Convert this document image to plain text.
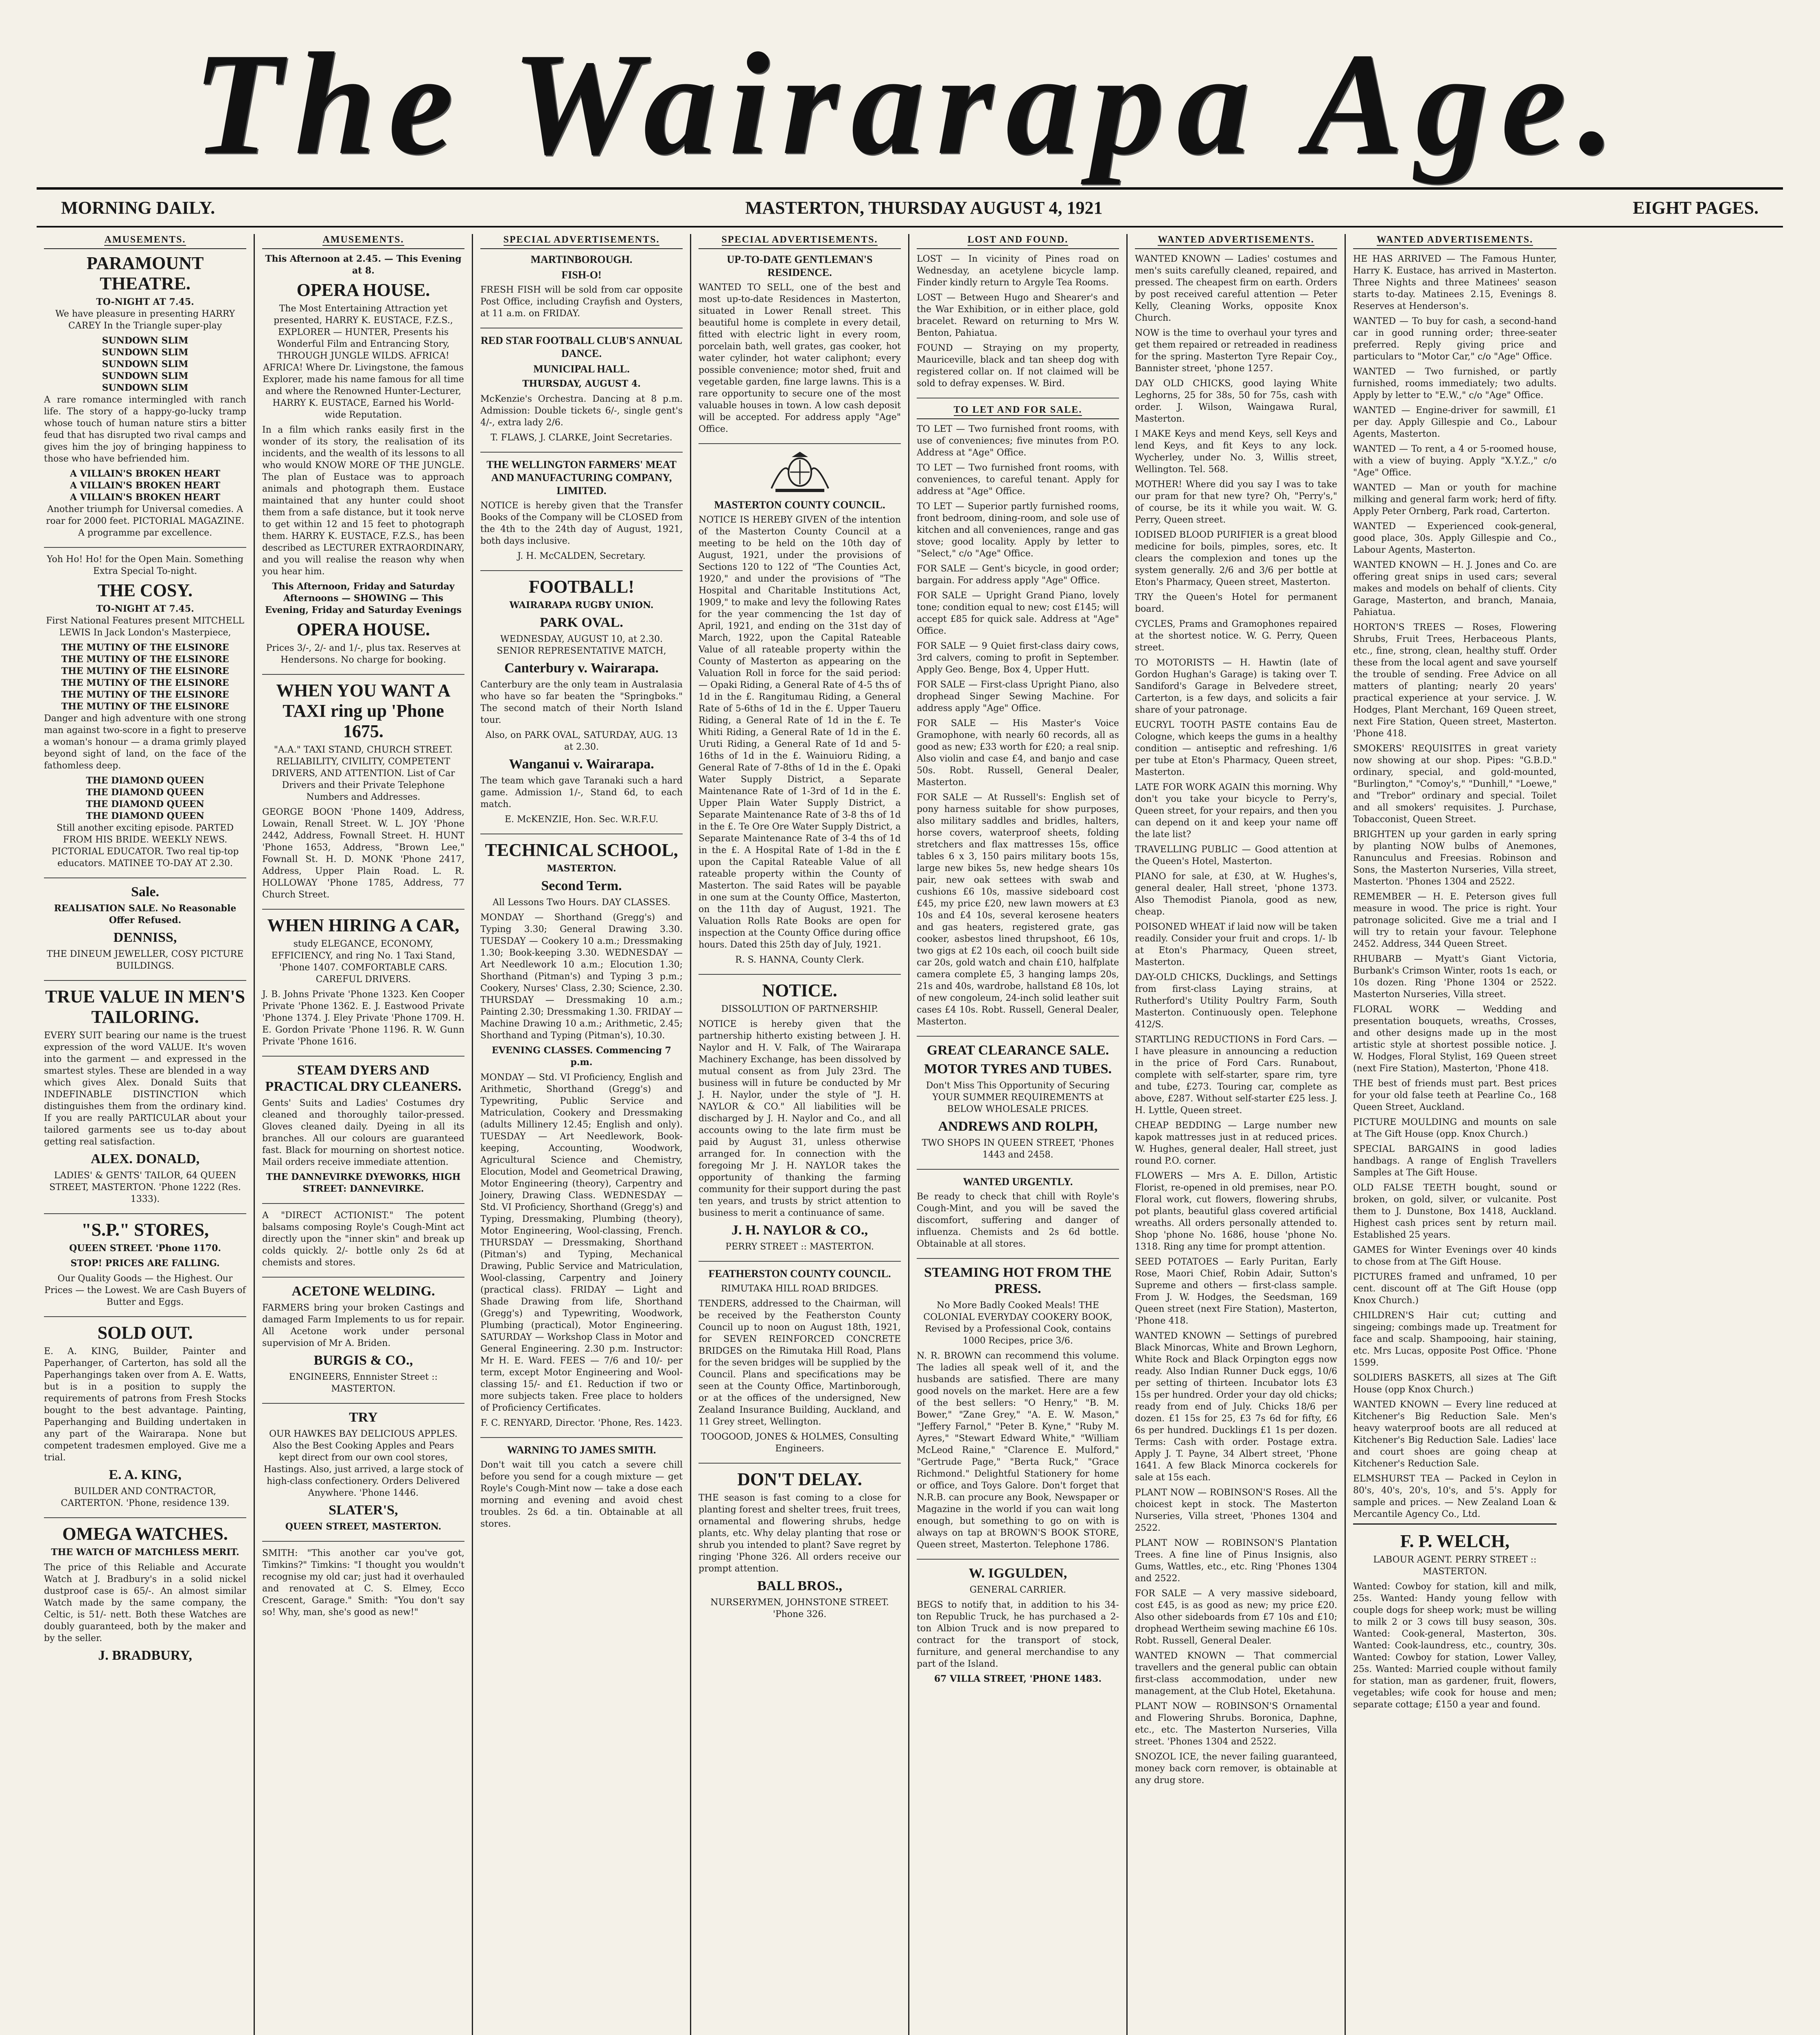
The Wairarapa Age.
MORNING DAILY.	MASTERTON, THURSDAY AUGUST 4, 1921	EIGHT PAGES.
AMUSEMENTS.
PARAMOUNT THEATRE.
TO-NIGHT AT 7.45.

We have pleasure in presenting HARRY CAREY In the Triangle super-play

SUNDOWN SLIM
SUNDOWN SLIM
SUNDOWN SLIM
SUNDOWN SLIM
SUNDOWN SLIM

A rare romance intermingled with ranch life. The story of a happy-go-lucky tramp whose touch of human nature stirs a bitter feud that has disrupted two rival camps and gives him the joy of bringing happiness to those who have befriended him.

A VILLAIN'S BROKEN HEART
A VILLAIN'S BROKEN HEART
A VILLAIN'S BROKEN HEART

Another triumph for Universal comedies. A roar for 2000 feet. PICTORIAL MAGAZINE. A programme par excellence.

Yoh Ho! Ho! for the Open Main. Something Extra Special To-night.

THE COSY.
TO-NIGHT AT 7.45.

First National Features present MITCHELL LEWIS In Jack London's Masterpiece,

THE MUTINY OF THE ELSINORE
THE MUTINY OF THE ELSINORE
THE MUTINY OF THE ELSINORE
THE MUTINY OF THE ELSINORE
THE MUTINY OF THE ELSINORE
THE MUTINY OF THE ELSINORE

Danger and high adventure with one strong man against two-score in a fight to preserve a woman's honour — a drama grimly played beyond sight of land, on the face of the fathomless deep.

THE DIAMOND QUEEN
THE DIAMOND QUEEN
THE DIAMOND QUEEN
THE DIAMOND QUEEN

Still another exciting episode. PARTED FROM HIS BRIDE. WEEKLY NEWS. PICTORIAL EDUCATOR. Two real tip-top educators. MATINEE TO-DAY AT 2.30.

Sale.

REALISATION SALE. No Reasonable Offer Refused.

DENNISS,

THE DINEUM JEWELLER, COSY PICTURE BUILDINGS.

TRUE VALUE IN MEN'S TAILORING.

EVERY SUIT bearing our name is the truest expression of the word VALUE. It's woven into the garment — and expressed in the smartest styles. These are blended in a way which gives Alex. Donald Suits that INDEFINABLE DISTINCTION which distinguishes them from the ordinary kind. If you are really PARTICULAR about your tailored garments see us to-day about getting real satisfaction.

ALEX. DONALD,

LADIES' & GENTS' TAILOR, 64 QUEEN STREET, MASTERTON. 'Phone 1222 (Res. 1333).

"S.P." STORES,

QUEEN STREET. 'Phone 1170.

STOP! PRICES ARE FALLING.

Our Quality Goods — the Highest. Our Prices — the Lowest. We are Cash Buyers of Butter and Eggs.

SOLD OUT.

E. A. KING, Builder, Painter and Paperhanger, of Carterton, has sold all the Paperhangings taken over from A. E. Watts, but is in a position to supply the requirements of patrons from Fresh Stocks bought to the best advantage. Painting, Paperhanging and Building undertaken in any part of the Wairarapa. None but competent tradesmen employed. Give me a trial.

E. A. KING,

BUILDER AND CONTRACTOR, CARTERTON. 'Phone, residence 139.

OMEGA WATCHES.

THE WATCH OF MATCHLESS MERIT.

The price of this Reliable and Accurate Watch at J. Bradbury's in a solid nickel dustproof case is 65/-. An almost similar Watch made by the same company, the Celtic, is 51/- nett. Both these Watches are doubly guaranteed, both by the maker and by the seller.

J. BRADBURY,
AMUSEMENTS.

This Afternoon at 2.45. — This Evening at 8.

OPERA HOUSE.

The Most Entertaining Attraction yet presented, HARRY K. EUSTACE, F.Z.S., EXPLORER — HUNTER, Presents his Wonderful Film and Entrancing Story, THROUGH JUNGLE WILDS. AFRICA! AFRICA! Where Dr. Livingstone, the famous Explorer, made his name famous for all time and where the Renowned Hunter-Lecturer, HARRY K. EUSTACE, Earned his World-wide Reputation.

In a film which ranks easily first in the wonder of its story, the realisation of its incidents, and the wealth of its lessons to all who would KNOW MORE OF THE JUNGLE. The plan of Eustace was to approach animals and photograph them. Eustace maintained that any hunter could shoot them from a safe distance, but it took nerve to get within 12 and 15 feet to photograph them. HARRY K. EUSTACE, F.Z.S., has been described as LECTURER EXTRAORDINARY, and you will realise the reason why when you hear him.

This Afternoon, Friday and Saturday Afternoons — SHOWING — This Evening, Friday and Saturday Evenings

OPERA HOUSE.

Prices 3/-, 2/- and 1/-, plus tax. Reserves at Hendersons. No charge for booking.

WHEN YOU WANT A TAXI ring up 'Phone 1675.

"A.A." TAXI STAND, CHURCH STREET. RELIABILITY, CIVILITY, COMPETENT DRIVERS, AND ATTENTION. List of Car Drivers and their Private Telephone Numbers and Addresses.

GEORGE BOON 'Phone 1409, Address, Lowain, Renall Street. W. L. JOY 'Phone 2442, Address, Fownall Street. H. HUNT 'Phone 1653, Address, "Brown Lee," Fownall St. H. D. MONK 'Phone 2417, Address, Upper Plain Road. L. R. HOLLOWAY 'Phone 1785, Address, 77 Church Street.

WHEN HIRING A CAR,

study ELEGANCE, ECONOMY, EFFICIENCY, and ring No. 1 Taxi Stand, 'Phone 1407. COMFORTABLE CARS. CAREFUL DRIVERS.

J. B. Johns Private 'Phone 1323. Ken Cooper Private 'Phone 1362. E. J. Eastwood Private 'Phone 1374. J. Eley Private 'Phone 1709. H. E. Gordon Private 'Phone 1196. R. W. Gunn Private 'Phone 1616.

STEAM DYERS AND PRACTICAL DRY CLEANERS.

Gents' Suits and Ladies' Costumes dry cleaned and thoroughly tailor-pressed. Gloves cleaned daily. Dyeing in all its branches. All our colours are guaranteed fast. Black for mourning on shortest notice. Mail orders receive immediate attention.

THE DANNEVIRKE DYEWORKS, HIGH STREET: DANNEVIRKE.

A "DIRECT ACTIONIST." The potent balsams composing Royle's Cough-Mint act directly upon the "inner skin" and break up colds quickly. 2/- bottle only 2s 6d at chemists and stores.

ACETONE WELDING.

FARMERS bring your broken Castings and damaged Farm Implements to us for repair. All Acetone work under personal supervision of Mr A. Briden.

BURGIS & CO.,

ENGINEERS, Ennnister Street :: MASTERTON.

TRY

OUR HAWKES BAY DELICIOUS APPLES. Also the Best Cooking Apples and Pears kept direct from our own cool stores, Hastings. Also, just arrived, a large stock of high-class confectionery. Orders Delivered Anywhere. 'Phone 1446.

SLATER'S,

QUEEN STREET, MASTERTON.

SMITH: "This another car you've got, Timkins?" Timkins: "I thought you wouldn't recognise my old car; just had it overhauled and renovated at C. S. Elmey, Ecco Crescent, Garage." Smith: "You don't say so! Why, man, she's good as new!"

SPECIAL ADVERTISEMENTS.
MARTINBOROUGH.
FISH-O!

FRESH FISH will be sold from car opposite Post Office, including Crayfish and Oysters, at 11 a.m. on FRIDAY.

RED STAR FOOTBALL CLUB'S ANNUAL DANCE.
MUNICIPAL HALL.

THURSDAY, AUGUST 4.

McKenzie's Orchestra. Dancing at 8 p.m. Admission: Double tickets 6/-, single gent's 4/-, extra lady 2/6.

T. FLAWS, J. CLARKE, Joint Secretaries.

THE WELLINGTON FARMERS' MEAT AND MANUFACTURING COMPANY, LIMITED.

NOTICE is hereby given that the Transfer Books of the Company will be CLOSED from the 4th to the 24th day of August, 1921, both days inclusive.

J. H. McCALDEN, Secretary.

FOOTBALL!

WAIRARAPA RUGBY UNION.

PARK OVAL.

WEDNESDAY, AUGUST 10, at 2.30. SENIOR REPRESENTATIVE MATCH,

Canterbury v. Wairarapa.

Canterbury are the only team in Australasia who have so far beaten the "Springboks." The second match of their North Island tour.

Also, on PARK OVAL, SATURDAY, AUG. 13 at 2.30.

Wanganui v. Wairarapa.

The team which gave Taranaki such a hard game. Admission 1/-, Stand 6d, to each match.

E. McKENZIE, Hon. Sec. W.R.F.U.

TECHNICAL SCHOOL,

MASTERTON.

Second Term.

All Lessons Two Hours. DAY CLASSES.

MONDAY — Shorthand (Gregg's) and Typing 3.30; General Drawing 3.30. TUESDAY — Cookery 10 a.m.; Dressmaking 1.30; Book-keeping 3.30. WEDNESDAY — Art Needlework 10 a.m.; Elocution 1.30; Shorthand (Pitman's) and Typing 3 p.m.; Cookery, Nurses' Class, 2.30; Science, 2.30. THURSDAY — Dressmaking 10 a.m.; Painting 2.30; Dressmaking 1.30. FRIDAY — Machine Drawing 10 a.m.; Arithmetic, 2.45; Shorthand and Typing (Pitman's), 10.30.

EVENING CLASSES. Commencing 7 p.m.

MONDAY — Std. VI Proficiency, English and Arithmetic, Shorthand (Gregg's) and Typewriting, Public Service and Matriculation, Cookery and Dressmaking (adults Millinery 12.45; English and only). TUESDAY — Art Needlework, Book-keeping, Accounting, Woodwork, Agricultural Science and Chemistry, Elocution, Model and Geometrical Drawing, Motor Engineering (theory), Carpentry and Joinery, Drawing Class. WEDNESDAY — Std. VI Proficiency, Shorthand (Gregg's) and Typing, Dressmaking, Plumbing (theory), Motor Engineering, Wool-classing, French. THURSDAY — Dressmaking, Shorthand (Pitman's) and Typing, Mechanical Drawing, Public Service and Matriculation, Wool-classing, Carpentry and Joinery (practical class). FRIDAY — Light and Shade Drawing from life, Shorthand (Gregg's) and Typewriting, Woodwork, Plumbing (practical), Motor Engineering. SATURDAY — Workshop Class in Motor and General Engineering. 2.30 p.m. Instructor: Mr H. E. Ward. FEES — 7/6 and 10/- per term, except Motor Engineering and Wool-classing 15/- and £1. Reduction if two or more subjects taken. Free place to holders of Proficiency Certificates.

F. C. RENYARD, Director. 'Phone, Res. 1423.

WARNING TO JAMES SMITH.

Don't wait till you catch a severe chill before you send for a cough mixture — get Royle's Cough-Mint now — take a dose each morning and evening and avoid chest troubles. 2s 6d. a tin. Obtainable at all stores.

SPECIAL ADVERTISEMENTS.
UP-TO-DATE GENTLEMAN'S RESIDENCE.

WANTED TO SELL, one of the best and most up-to-date Residences in Masterton, situated in Lower Renall street. This beautiful home is complete in every detail, fitted with electric light in every room, porcelain bath, well grates, gas cooker, hot water cylinder, hot water caliphont; every possible convenience; motor shed, fruit and vegetable garden, fine large lawns. This is a rare opportunity to secure one of the most valuable houses in town. A low cash deposit will be accepted. For address apply "Age" Office.

MASTERTON COUNTY COUNCIL.

NOTICE IS HEREBY GIVEN of the intention of the Masterton County Council at a meeting to be held on the 10th day of August, 1921, under the provisions of Sections 120 to 122 of "The Counties Act, 1920," and under the provisions of "The Hospital and Charitable Institutions Act, 1909," to make and levy the following Rates for the year commencing the 1st day of April, 1921, and ending on the 31st day of March, 1922, upon the Capital Rateable Value of all rateable property within the County of Masterton as appearing on the Valuation Roll in force for the said period: — Opaki Riding, a General Rate of 4-5 ths of 1d in the £. Rangitumau Riding, a General Rate of 5-6ths of 1d in the £. Upper Taueru Riding, a General Rate of 1d in the £. Te Whiti Riding, a General Rate of 1d in the £. Uruti Riding, a General Rate of 1d and 5-16ths of 1d in the £. Wainuioru Riding, a General Rate of 7-8ths of 1d in the £. Opaki Water Supply District, a Separate Maintenance Rate of 1-3rd of 1d in the £. Upper Plain Water Supply District, a Separate Maintenance Rate of 3-8 ths of 1d in the £. Te Ore Ore Water Supply District, a Separate Maintenance Rate of 3-4 ths of 1d in the £. A Hospital Rate of 1-8d in the £ upon the Capital Rateable Value of all rateable property within the County of Masterton. The said Rates will be payable in one sum at the County Office, Masterton, on the 11th day of August, 1921. The Valuation Rolls Rate Books are open for inspection at the County Office during office hours. Dated this 25th day of July, 1921.

R. S. HANNA, County Clerk.

NOTICE.

DISSOLUTION OF PARTNERSHIP.

NOTICE is hereby given that the partnership hitherto existing between J. H. Naylor and H. V. Falk, of The Wairarapa Machinery Exchange, has been dissolved by mutual consent as from July 23rd. The business will in future be conducted by Mr J. H. Naylor, under the style of "J. H. NAYLOR & CO." All liabilities will be discharged by J. H. Naylor and Co., and all accounts owing to the late firm must be paid by August 31, unless otherwise arranged for. In connection with the foregoing Mr J. H. NAYLOR takes the opportunity of thanking the farming community for their support during the past ten years, and trusts by strict attention to business to merit a continuance of same.

J. H. NAYLOR & CO.,

PERRY STREET :: MASTERTON.

FEATHERSTON COUNTY COUNCIL.

RIMUTAKA HILL ROAD BRIDGES.

TENDERS, addressed to the Chairman, will be received by the Featherston County Council up to noon on August 18th, 1921, for SEVEN REINFORCED CONCRETE BRIDGES on the Rimutaka Hill Road, Plans for the seven bridges will be supplied by the Council. Plans and specifications may be seen at the County Office, Martinborough, or at the offices of the undersigned, New Zealand Insurance Building, Auckland, and 11 Grey street, Wellington.

TOOGOOD, JONES & HOLMES, Consulting Engineers.

DON'T DELAY.

THE season is fast coming to a close for planting forest and shelter trees, fruit trees, ornamental and flowering shrubs, hedge plants, etc. Why delay planting that rose or shrub you intended to plant? Save regret by ringing 'Phone 326. All orders receive our prompt attention.

BALL BROS.,

NURSERYMEN, JOHNSTONE STREET. 'Phone 326.

LOST AND FOUND.

LOST — In vicinity of Pines road on Wednesday, an acetylene bicycle lamp. Finder kindly return to Argyle Tea Rooms.

LOST — Between Hugo and Shearer's and the War Exhibition, or in either place, gold bracelet. Reward on returning to Mrs W. Benton, Pahiatua.

FOUND — Straying on my property, Mauriceville, black and tan sheep dog with registered collar on. If not claimed will be sold to defray expenses. W. Bird.

TO LET AND FOR SALE.

TO LET — Two furnished front rooms, with use of conveniences; five minutes from P.O. Address at "Age" Office.

TO LET — Two furnished front rooms, with conveniences, to careful tenant. Apply for address at "Age" Office.

TO LET — Superior partly furnished rooms, front bedroom, dining-room, and sole use of kitchen and all conveniences, range and gas stove; good locality. Apply by letter to "Select," c/o "Age" Office.

FOR SALE — Gent's bicycle, in good order; bargain. For address apply "Age" Office.

FOR SALE — Upright Grand Piano, lovely tone; condition equal to new; cost £145; will accept £85 for quick sale. Address at "Age" Office.

FOR SALE — 9 Quiet first-class dairy cows, 3rd calvers, coming to profit in September. Apply Geo. Benge, Box 4, Upper Hutt.

FOR SALE — First-class Upright Piano, also drophead Singer Sewing Machine. For address apply "Age" Office.

FOR SALE — His Master's Voice Gramophone, with nearly 60 records, all as good as new; £33 worth for £20; a real snip. Also violin and case £4, and banjo and case 50s. Robt. Russell, General Dealer, Masterton.

FOR SALE — At Russell's: English set of pony harness suitable for show purposes, also military saddles and bridles, halters, horse covers, waterproof sheets, folding stretchers and flax mattresses 15s, office tables 6 x 3, 150 pairs military boots 15s, large new bikes 5s, new hedge shears 10s pair, new oak settees with swab and cushions £6 10s, massive sideboard cost £45, my price £20, new lawn mowers at £3 10s and £4 10s, several kerosene heaters and gas heaters, registered grate, gas cooker, asbestos lined thrupshoot, £6 10s, two gigs at £2 10s each, oil cooch built side car 20s, gold watch and chain £10, halfplate camera complete £5, 3 hanging lamps 20s, 21s and 40s, wardrobe, hallstand £8 10s, lot of new congoleum, 24-inch solid leather suit cases £4 10s. Robt. Russell, General Dealer, Masterton.

GREAT CLEARANCE SALE.
MOTOR TYRES AND TUBES.

Don't Miss This Opportunity of Securing YOUR SUMMER REQUIREMENTS at BELOW WHOLESALE PRICES.

ANDREWS AND ROLPH,

TWO SHOPS IN QUEEN STREET, 'Phones 1443 and 2458.

WANTED URGENTLY.

Be ready to check that chill with Royle's Cough-Mint, and you will be saved the discomfort, suffering and danger of influenza. Chemists and 2s 6d bottle. Obtainable at all stores.

STEAMING HOT FROM THE PRESS.

No More Badly Cooked Meals! THE COLONIAL EVERYDAY COOKERY BOOK, Revised by a Professional Cook, contains 1000 Recipes, price 3/6.

N. R. BROWN can recommend this volume. The ladies all speak well of it, and the husbands are satisfied. There are many good novels on the market. Here are a few of the best sellers: "O Henry," "B. M. Bower," "Zane Grey," "A. E. W. Mason," "Jeffery Farnol," "Peter B. Kyne," "Ruby M. Ayres," "Stewart Edward White," "William McLeod Raine," "Clarence E. Mulford," "Gertrude Page," "Berta Ruck," "Grace Richmond." Delightful Stationery for home or office, and Toys Galore. Don't forget that N.R.B. can procure any Book, Newspaper or Magazine in the world if you can wait long enough, but something to go on with is always on tap at BROWN'S BOOK STORE, Queen street, Masterton. Telephone 1786.

W. IGGULDEN,

GENERAL CARRIER.

BEGS to notify that, in addition to his 34-ton Republic Truck, he has purchased a 2-ton Albion Truck and is now prepared to contract for the transport of stock, furniture, and general merchandise to any part of the Island.

67 VILLA STREET, 'PHONE 1483.

WANTED ADVERTISEMENTS.

WANTED KNOWN — Ladies' costumes and men's suits carefully cleaned, repaired, and pressed. The cheapest firm on earth. Orders by post received careful attention — Peter Kelly, Cleaning Works, opposite Knox Church.

NOW is the time to overhaul your tyres and get them repaired or retreaded in readiness for the spring. Masterton Tyre Repair Coy., Bannister street, 'phone 1257.

DAY OLD CHICKS, good laying White Leghorns, 25 for 38s, 50 for 75s, cash with order. J. Wilson, Waingawa Rural, Masterton.

I MAKE Keys and mend Keys, sell Keys and lend Keys, and fit Keys to any lock. Wycherley, under No. 3, Willis street, Wellington. Tel. 568.

MOTHER! Where did you say I was to take our pram for that new tyre? Oh, "Perry's," of course, be its it while you wait. W. G. Perry, Queen street.

IODISED BLOOD PURIFIER is a great blood medicine for boils, pimples, sores, etc. It clears the complexion and tones up the system generally. 2/6 and 3/6 per bottle at Eton's Pharmacy, Queen street, Masterton.

TRY the Queen's Hotel for permanent board.

CYCLES, Prams and Gramophones repaired at the shortest notice. W. G. Perry, Queen street.

TO MOTORISTS — H. Hawtin (late of Gordon Hughan's Garage) is taking over T. Sandiford's Garage in Belvedere street, Carterton, is a few days, and solicits a fair share of your patronage.

EUCRYL TOOTH PASTE contains Eau de Cologne, which keeps the gums in a healthy condition — antiseptic and refreshing. 1/6 per tube at Eton's Pharmacy, Queen street, Masterton.

LATE FOR WORK AGAIN this morning. Why don't you take your bicycle to Perry's, Queen street, for your repairs, and then you can depend on it and keep your name off the late list?

TRAVELLING PUBLIC — Good attention at the Queen's Hotel, Masterton.

PIANO for sale, at £30, at W. Hughes's, general dealer, Hall street, 'phone 1373. Also Themodist Pianola, good as new, cheap.

POISONED WHEAT if laid now will be taken readily. Consider your fruit and crops. 1/- lb at Eton's Pharmacy, Queen street, Masterton.

DAY-OLD CHICKS, Ducklings, and Settings from first-class Laying strains, at Rutherford's Utility Poultry Farm, South Masterton. Continuously open. Telephone 412/S.

STARTLING REDUCTIONS in Ford Cars. — I have pleasure in announcing a reduction in the price of Ford Cars. Runabout, complete with self-starter, spare rim, tyre and tube, £273. Touring car, complete as above, £287. Without self-starter £25 less. J. H. Lyttle, Queen street.

CHEAP BEDDING — Large number new kapok mattresses just in at reduced prices. W. Hughes, general dealer, Hall street, just round P.O. corner.

FLOWERS — Mrs A. E. Dillon, Artistic Florist, re-opened in old premises, near P.O. Floral work, cut flowers, flowering shrubs, pot plants, beautiful glass covered artificial wreaths. All orders personally attended to. Shop 'phone No. 1686, house 'phone No. 1318. Ring any time for prompt attention.

SEED POTATOES — Early Puritan, Early Rose, Maori Chief, Robin Adair, Sutton's Supreme and others — first-class sample. From J. W. Hodges, the Seedsman, 169 Queen street (next Fire Station), Masterton, 'Phone 418.

WANTED KNOWN — Settings of purebred Black Minorcas, White and Brown Leghorn, White Rock and Black Orpington eggs now ready. Also Indian Runner Duck eggs, 10/6 per setting of thirteen. Incubator lots £3 15s per hundred. Order your day old chicks; ready from end of July. Chicks 18/6 per dozen. £1 15s for 25, £3 7s 6d for fifty, £6 6s per hundred. Ducklings £1 1s per dozen. Terms: Cash with order. Postage extra. Apply J. T. Payne, 34 Albert street, 'Phone 1641. A few Black Minorca cockerels for sale at 15s each.

PLANT NOW — ROBINSON'S Roses. All the choicest kept in stock. The Masterton Nurseries, Villa street, 'Phones 1304 and 2522.

PLANT NOW — ROBINSON'S Plantation Trees. A fine line of Pinus Insignis, also Gums, Wattles, etc., etc. Ring 'Phones 1304 and 2522.

FOR SALE — A very massive sideboard, cost £45, is as good as new; my price £20. Also other sideboards from £7 10s and £10; drophead Wertheim sewing machine £6 10s. Robt. Russell, General Dealer.

WANTED KNOWN — That commercial travellers and the general public can obtain first-class accommodation, under new management, at the Club Hotel, Eketahuna.

PLANT NOW — ROBINSON'S Ornamental and Flowering Shrubs. Boronica, Daphne, etc., etc. The Masterton Nurseries, Villa street. 'Phones 1304 and 2522.

SNOZOL ICE, the never failing guaranteed, money back corn remover, is obtainable at any drug store.

WANTED ADVERTISEMENTS.

HE HAS ARRIVED — The Famous Hunter, Harry K. Eustace, has arrived in Masterton. Three Nights and three Matinees' season starts to-day. Matinees 2.15, Evenings 8. Reserves at Henderson's.

WANTED — To buy for cash, a second-hand car in good running order; three-seater preferred. Reply giving price and particulars to "Motor Car," c/o "Age" Office.

WANTED — Two furnished, or partly furnished, rooms immediately; two adults. Apply by letter to "E.W.," c/o "Age" Office.

WANTED — Engine-driver for sawmill, £1 per day. Apply Gillespie and Co., Labour Agents, Masterton.

WANTED — To rent, a 4 or 5-roomed house, with a view of buying. Apply "X.Y.Z.," c/o "Age" Office.

WANTED — Man or youth for machine milking and general farm work; herd of fifty. Apply Peter Ornberg, Park road, Carterton.

WANTED — Experienced cook-general, good place, 30s. Apply Gillespie and Co., Labour Agents, Masterton.

WANTED KNOWN — H. J. Jones and Co. are offering great snips in used cars; several makes and models on behalf of clients. City Garage, Masterton, and branch, Manaia, Pahiatua.

HORTON'S TREES — Roses, Flowering Shrubs, Fruit Trees, Herbaceous Plants, etc., fine, strong, clean, healthy stuff. Order these from the local agent and save yourself the trouble of sending. Free Advice on all matters of planting; nearly 20 years' practical experience at your service. J. W. Hodges, Plant Merchant, 169 Queen street, next Fire Station, Queen street, Masterton. 'Phone 418.

SMOKERS' REQUISITES in great variety now showing at our shop. Pipes: "G.B.D." ordinary, special, and gold-mounted, "Burlington," "Comoy's," "Dunhill," "Loewe," and "Trebor" ordinary and special. Toilet and all smokers' requisites. J. Purchase, Tobacconist, Queen Street.

BRIGHTEN up your garden in early spring by planting NOW bulbs of Anemones, Ranunculus and Freesias. Robinson and Sons, the Masterton Nurseries, Villa street, Masterton. 'Phones 1304 and 2522.

REMEMBER — H. E. Peterson gives full measure in wood. The price is right. Your patronage solicited. Give me a trial and I will try to retain your favour. Telephone 2452. Address, 344 Queen Street.

RHUBARB — Myatt's Giant Victoria, Burbank's Crimson Winter, roots 1s each, or 10s dozen. Ring 'Phone 1304 or 2522. Masterton Nurseries, Villa street.

FLORAL WORK — Wedding and presentation bouquets, wreaths, Crosses, and other designs made up in the most artistic style at shortest possible notice. J. W. Hodges, Floral Stylist, 169 Queen street (next Fire Station), Masterton, 'Phone 418.

THE best of friends must part. Best prices for your old false teeth at Pearline Co., 168 Queen Street, Auckland.

PICTURE MOULDING and mounts on sale at The Gift House (opp. Knox Church.)

SPECIAL BARGAINS in good ladies handbags. A range of English Travellers Samples at The Gift House.

OLD FALSE TEETH bought, sound or broken, on gold, silver, or vulcanite. Post them to J. Dunstone, Box 1418, Auckland. Highest cash prices sent by return mail. Established 25 years.

GAMES for Winter Evenings over 40 kinds to chose from at The Gift House.

PICTURES framed and unframed, 10 per cent. discount off at The Gift House (opp Knox Church.)

CHILDREN'S Hair cut; cutting and singeing; combings made up. Treatment for face and scalp. Shampooing, hair staining, etc. Mrs Lucas, opposite Post Office. 'Phone 1599.

SOLDIERS BASKETS, all sizes at The Gift House (opp Knox Church.)

WANTED KNOWN — Every line reduced at Kitchener's Big Reduction Sale. Men's heavy waterproof boots are all reduced at Kitchener's Big Reduction Sale. Ladies' lace and court shoes are going cheap at Kitchener's Reduction Sale.

ELMSHURST TEA — Packed in Ceylon in 80's, 40's, 20's, 10's, and 5's. Apply for sample and prices. — New Zealand Loan & Mercantile Agency Co., Ltd.

F. P. WELCH,

LABOUR AGENT. PERRY STREET :: MASTERTON.

Wanted: Cowboy for station, kill and milk, 25s. Wanted: Handy young fellow with couple dogs for sheep work; must be willing to milk 2 or 3 cows till busy season, 30s. Wanted: Cook-general, Masterton, 30s. Wanted: Cook-laundress, etc., country, 30s. Wanted: Cowboy for station, Lower Valley, 25s. Wanted: Married couple without family for station, man as gardener, fruit, flowers, vegetables; wife cook for house and men; separate cottage; £150 a year and found.
